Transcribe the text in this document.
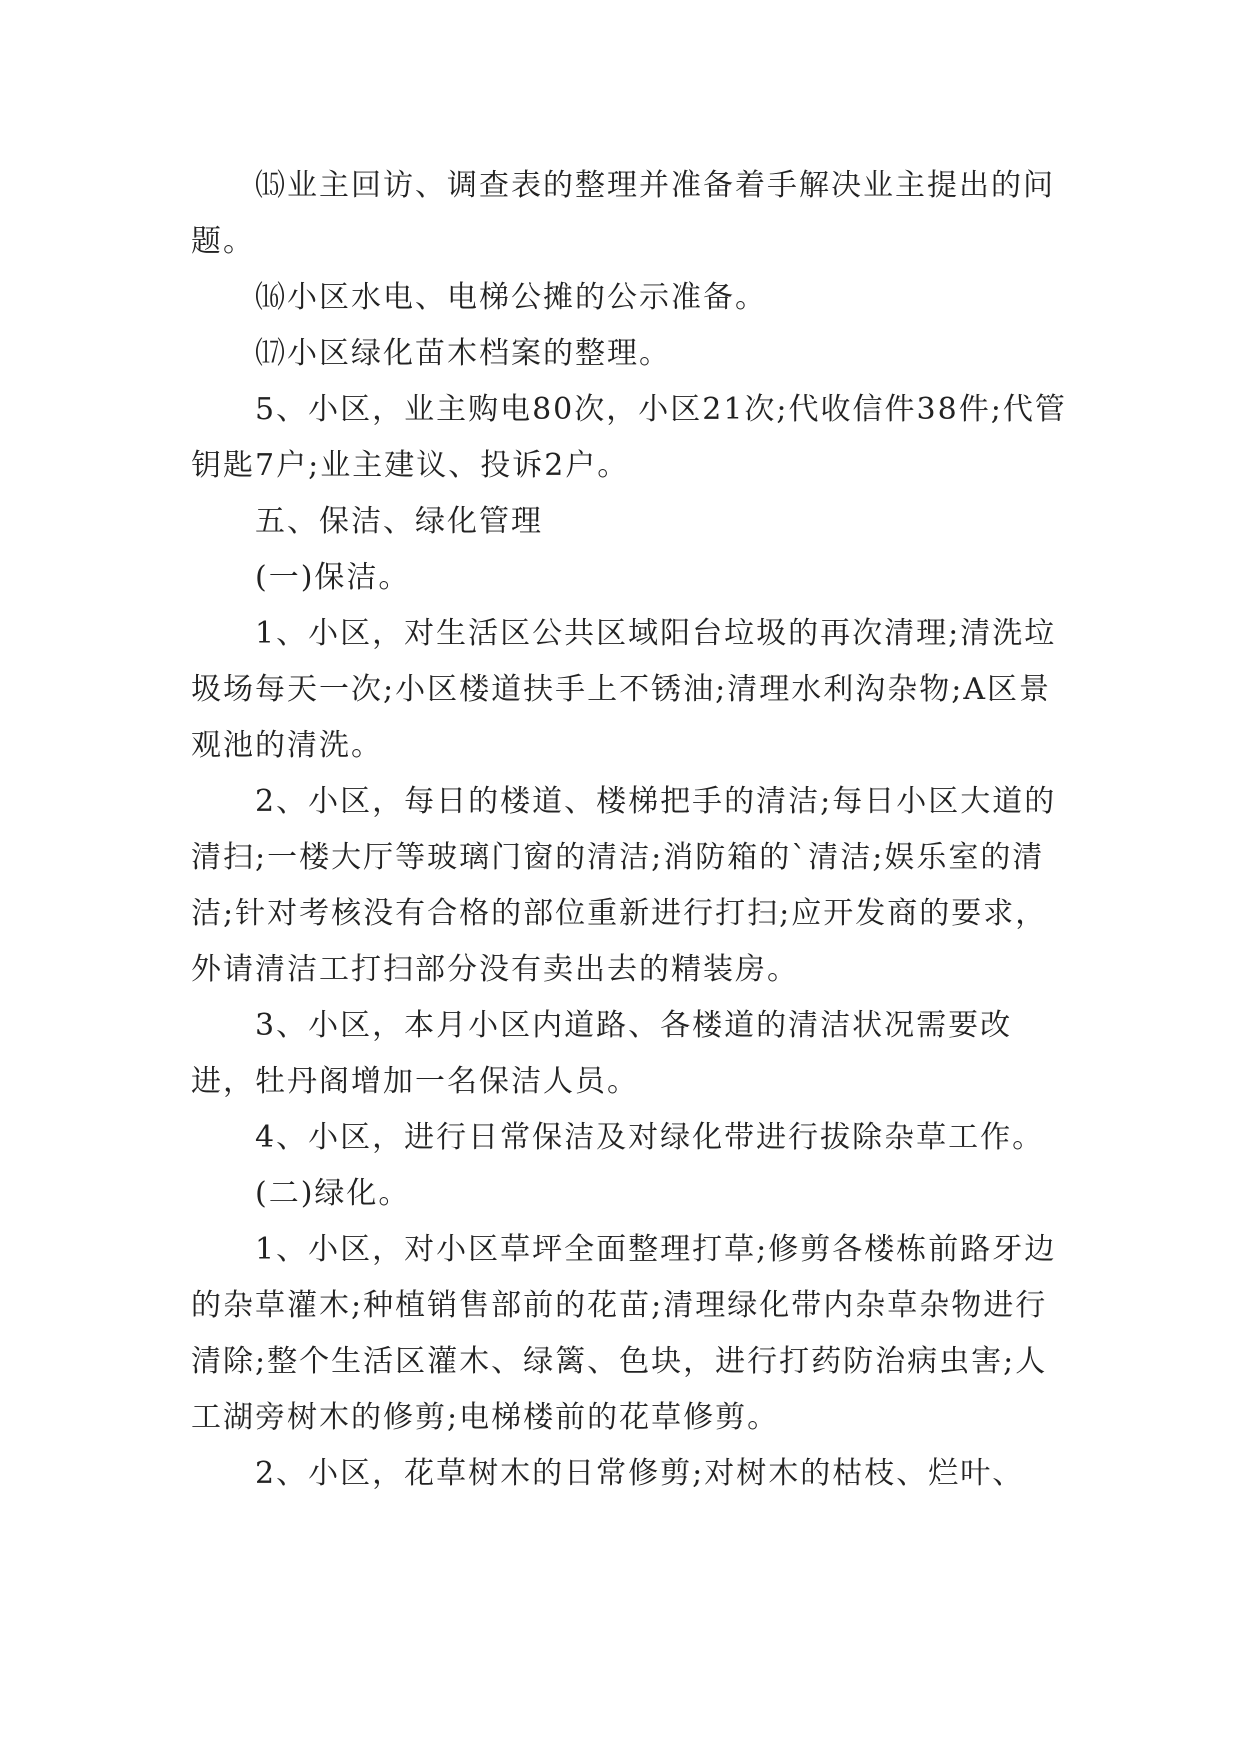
⒂业主回访、调查表的整理并准备着手解决业主提出的问题。

⒃小区水电、电梯公摊的公示准备。

⒄小区绿化苗木档案的整理。

5、小区，业主购电80次，小区21次;代收信件38件;代管钥匙7户;业主建议、投诉2户。

五、保洁、绿化管理

(一)保洁。

1、小区，对生活区公共区域阳台垃圾的再次清理;清洗垃圾场每天一次;小区楼道扶手上不锈油;清理水利沟杂物;A区景观池的清洗。

2、小区，每日的楼道、楼梯把手的清洁;每日小区大道的清扫;一楼大厅等玻璃门窗的清洁;消防箱的`清洁;娱乐室的清洁;针对考核没有合格的部位重新进行打扫;应开发商的要求，外请清洁工打扫部分没有卖出去的精装房。

3、小区，本月小区内道路、各楼道的清洁状况需要改进，牡丹阁增加一名保洁人员。

4、小区，进行日常保洁及对绿化带进行拔除杂草工作。

(二)绿化。

1、小区，对小区草坪全面整理打草;修剪各楼栋前路牙边的杂草灌木;种植销售部前的花苗;清理绿化带内杂草杂物进行清除;整个生活区灌木、绿篱、色块，进行打药防治病虫害;人工湖旁树木的修剪;电梯楼前的花草修剪。

2、小区，花草树木的日常修剪;对树木的枯枝、烂叶、
